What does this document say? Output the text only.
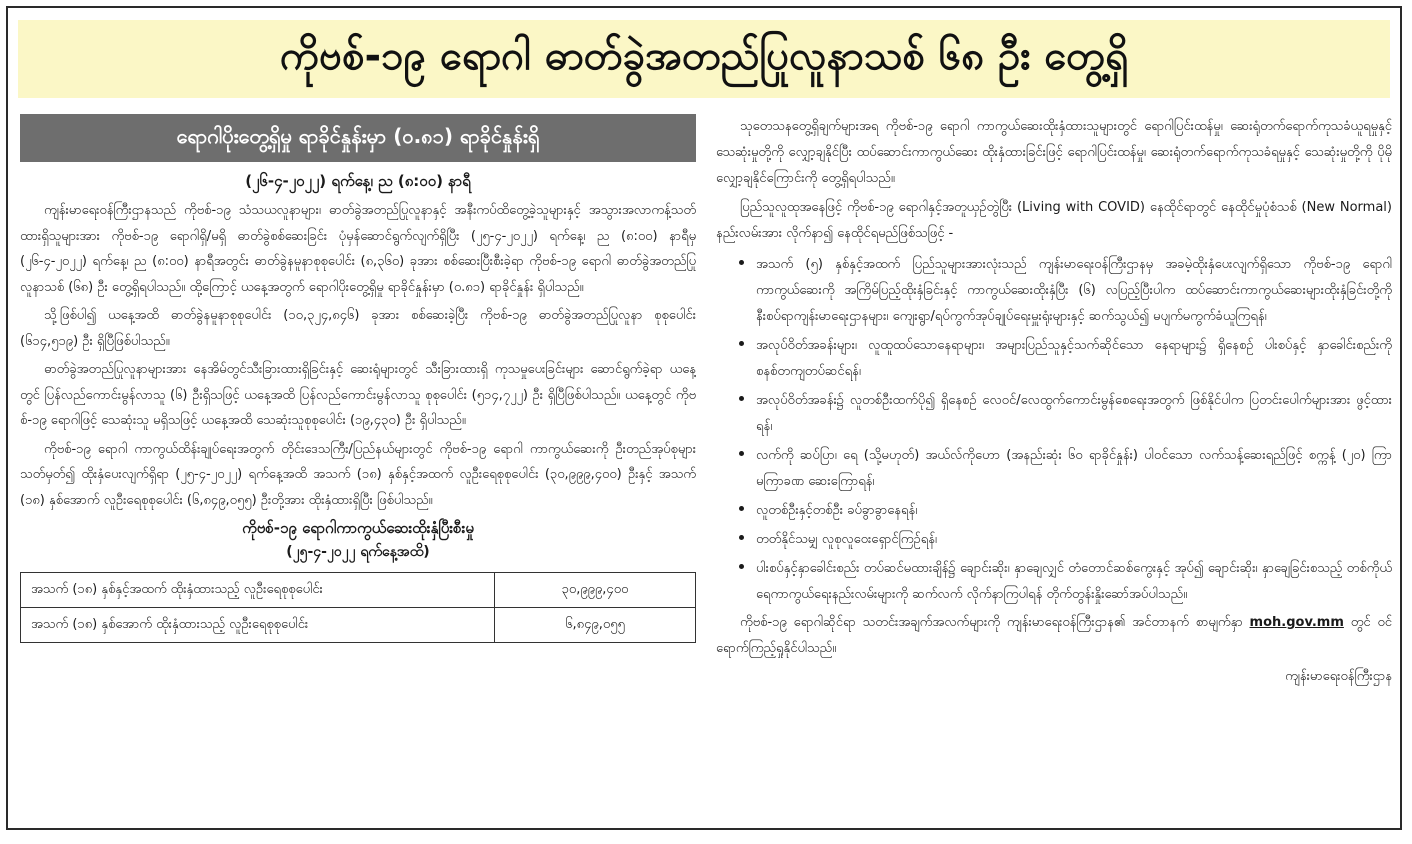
ကိုဗစ်-၁၉ ရောဂါ ဓာတ်ခွဲအတည်ပြုလူနာသစ် ၆၈ ဦး တွေ့ရှိ
ရောဂါပိုးတွေ့ရှိမှု ရာခိုင်နှုန်းမှာ (၀.၈၁) ရာခိုင်နှုန်းရှိ
(၂၆-၄-၂၀၂၂) ရက်နေ့၊ ည (၈:၀၀) နာရီ

ကျန်းမာရေးဝန်ကြီးဌာနသည် ကိုဗစ်-၁၉ သံသယလူနာများ၊ ဓာတ်ခွဲအတည်ပြုလူနာနှင့် အနီးကပ်ထိတွေ့ခဲ့သူများနှင့် အသွားအလာကန့်သတ်ထားရှိသူများအား ကိုဗစ်-၁၉ ရောဂါရှိ/မရှိ ဓာတ်ခွဲစစ်ဆေးခြင်း ပုံမှန်ဆောင်ရွက်လျက်ရှိပြီး (၂၅-၄-၂၀၂၂) ရက်နေ့၊ ည (၈:၀၀) နာရီမှ (၂၆-၄-၂၀၂၂) ရက်နေ့၊ ည (၈:၀၀) နာရီအတွင်း ဓာတ်ခွဲနမူနာစုစုပေါင်း (၈,၃၆၀) ခုအား စစ်ဆေးပြီးစီးခဲ့ရာ ကိုဗစ်-၁၉ ရောဂါ ဓာတ်ခွဲအတည်ပြုလူနာသစ် (၆၈) ဦး တွေ့ရှိရပါသည်။ ထို့ကြောင့် ယနေ့အတွက် ရောဂါပိုးတွေ့ရှိမှု ရာခိုင်နှုန်းမှာ (၀.၈၁) ရာခိုင်နှုန်း ရှိပါသည်။

သို့ဖြစ်ပါ၍ ယနေ့အထိ ဓာတ်ခွဲနမူနာစုစုပေါင်း (၁၀,၃၂၄,၈၄၆) ခုအား စစ်ဆေးခဲ့ပြီး ကိုဗစ်-၁၉ ဓာတ်ခွဲအတည်ပြုလူနာ စုစုပေါင်း (၆၁၄,၅၁၉) ဦး ရှိပြီဖြစ်ပါသည်။

ဓာတ်ခွဲအတည်ပြုလူနာများအား နေအိမ်တွင်သီးခြားထားရှိခြင်းနှင့် ဆေးရုံများတွင် သီးခြားထားရှိ ကုသမှုပေးခြင်းများ ဆောင်ရွက်ခဲ့ရာ ယနေ့တွင် ပြန်လည်ကောင်းမွန်လာသူ (၆) ဦးရှိသဖြင့် ယနေ့အထိ ပြန်လည်ကောင်းမွန်လာသူ စုစုပေါင်း (၅၁၄,၇၂၂) ဦး ရှိပြီဖြစ်ပါသည်။ ယနေ့တွင် ကိုဗစ်-၁၉ ရောဂါဖြင့် သေဆုံးသူ မရှိသဖြင့် ယနေ့အထိ သေဆုံးသူစုစုပေါင်း (၁၉,၄၃၀) ဦး ရှိပါသည်။

ကိုဗစ်-၁၉ ရောဂါ ကာကွယ်ထိန်းချုပ်ရေးအတွက် တိုင်းဒေသကြီး/ပြည်နယ်များတွင် ကိုဗစ်-၁၉ ရောဂါ ကာကွယ်ဆေးကို ဦးတည်အုပ်စုများသတ်မှတ်၍ ထိုးနှံပေးလျက်ရှိရာ (၂၅-၄-၂၀၂၂) ရက်နေ့အထိ အသက် (၁၈) နှစ်နှင့်အထက် လူဦးရေစုစုပေါင်း (၃၀,၉၉၉,၄၀၀) ဦးနှင့် အသက် (၁၈) နှစ်အောက် လူဦးရေစုစုပေါင်း (၆,၈၄၉,၀၅၅) ဦးတို့အား ထိုးနှံထားရှိပြီး ဖြစ်ပါသည်။

ကိုဗစ်-၁၉ ရောဂါကာကွယ်ဆေးထိုးနှံပြီးစီးမှု
(၂၅-၄-၂၀၂၂ ရက်နေ့အထိ)
အသက် (၁၈) နှစ်နှင့်အထက် ထိုးနှံထားသည့် လူဦးရေစုစုပေါင်း	၃၀,၉၉၉,၄၀၀
အသက် (၁၈) နှစ်အောက် ထိုးနှံထားသည့် လူဦးရေစုစုပေါင်း	၆,၈၄၉,၀၅၅

သုတေသနတွေ့ရှိချက်များအရ ကိုဗစ်-၁၉ ရောဂါ ကာကွယ်ဆေးထိုးနှံထားသူများတွင် ရောဂါပြင်းထန်မှု၊ ဆေးရုံတက်ရောက်ကုသခံယူရမှုနှင့် သေဆုံးမှုတို့ကို လျှော့ချနိုင်ပြီး ထပ်ဆောင်းကာကွယ်ဆေး ထိုးနှံထားခြင်းဖြင့် ရောဂါပြင်းထန်မှု၊ ဆေးရုံတက်ရောက်ကုသခံရမှုနှင့် သေဆုံးမှုတို့ကို ပိုမိုလျှော့ချနိုင်ကြောင်းကို တွေ့ရှိရပါသည်။

ပြည်သူလူထုအနေဖြင့် ကိုဗစ်-၁၉ ရောဂါနှင့်အတူယှဉ်တွဲပြီး (Living with COVID) နေထိုင်ရာတွင် နေထိုင်မှုပုံစံသစ် (New Normal) နည်းလမ်းအား လိုက်နာ၍ နေထိုင်ရမည်ဖြစ်သဖြင့် -

• အသက် (၅) နှစ်နှင့်အထက် ပြည်သူများအားလုံးသည် ကျန်းမာရေးဝန်ကြီးဌာနမှ အခမဲ့ထိုးနှံပေးလျက်ရှိသော ကိုဗစ်-၁၉ ရောဂါ ကာကွယ်ဆေးကို အကြိမ်ပြည့်ထိုးနှံခြင်းနှင့် ကာကွယ်ဆေးထိုးနှံပြီး (၆) လပြည့်ပြီးပါက ထပ်ဆောင်းကာကွယ်ဆေးများထိုးနှံခြင်းတို့ကို နီးစပ်ရာကျန်းမာရေးဌာနများ၊ ကျေးရွာ/ရပ်ကွက်အုပ်ချုပ်ရေးမှူးရုံးများနှင့် ဆက်သွယ်၍ မပျက်မကွက်ခံယူကြရန်၊
• အလုပ်ဝိတ်အခန်းများ၊ လူထူထပ်သောနေရာများ၊ အများပြည်သူနှင့်သက်ဆိုင်သော နေရာများ၌ ရှိနေစဉ် ပါးစပ်နှင့် နှာခေါင်းစည်းကို စနစ်တကျတပ်ဆင်ရန်၊
• အလုပ်ဝိတ်အခန်း၌ လူတစ်ဦးထက်ပို၍ ရှိနေစဉ် လေဝင်/လေထွက်ကောင်းမွန်စေရေးအတွက် ဖြစ်နိုင်ပါက ပြတင်းပေါက်များအား ဖွင့်ထားရန်၊
• လက်ကို ဆပ်ပြာ၊ ရေ (သို့မဟုတ်) အယ်လ်ကိုဟော (အနည်းဆုံး ၆၀ ရာခိုင်နှုန်း) ပါဝင်သော လက်သန့်ဆေးရည်ဖြင့် စက္ကန့် (၂၀) ကြာ မကြာခဏ ဆေးကြောရန်၊
• လူတစ်ဦးနှင့်တစ်ဦး ခပ်ခွာခွာနေရန်၊
• တတ်နိုင်သမျှ လူစုလူဝေးရှောင်ကြဉ်ရန်၊
• ပါးစပ်နှင့်နှာခေါင်းစည်း တပ်ဆင်မထားချိန်၌ ချောင်းဆိုး၊ နှာချေလျှင် တံတောင်ဆစ်ကွေးနှင့် အုပ်၍ ချောင်းဆိုး၊ နှာချေခြင်းစသည့် တစ်ကိုယ်ရေကာကွယ်ရေးနည်းလမ်းများကို ဆက်လက် လိုက်နာကြပါရန် တိုက်တွန်းနှိုးဆော်အပ်ပါသည်။

ကိုဗစ်-၁၉ ရောဂါဆိုင်ရာ သတင်းအချက်အလက်များကို ကျန်းမာရေးဝန်ကြီးဌာန၏ အင်တာနက် စာမျက်နှာ moh.gov.mm တွင် ဝင်ရောက်ကြည့်ရှုနိုင်ပါသည်။

ကျန်းမာရေးဝန်ကြီးဌာန
